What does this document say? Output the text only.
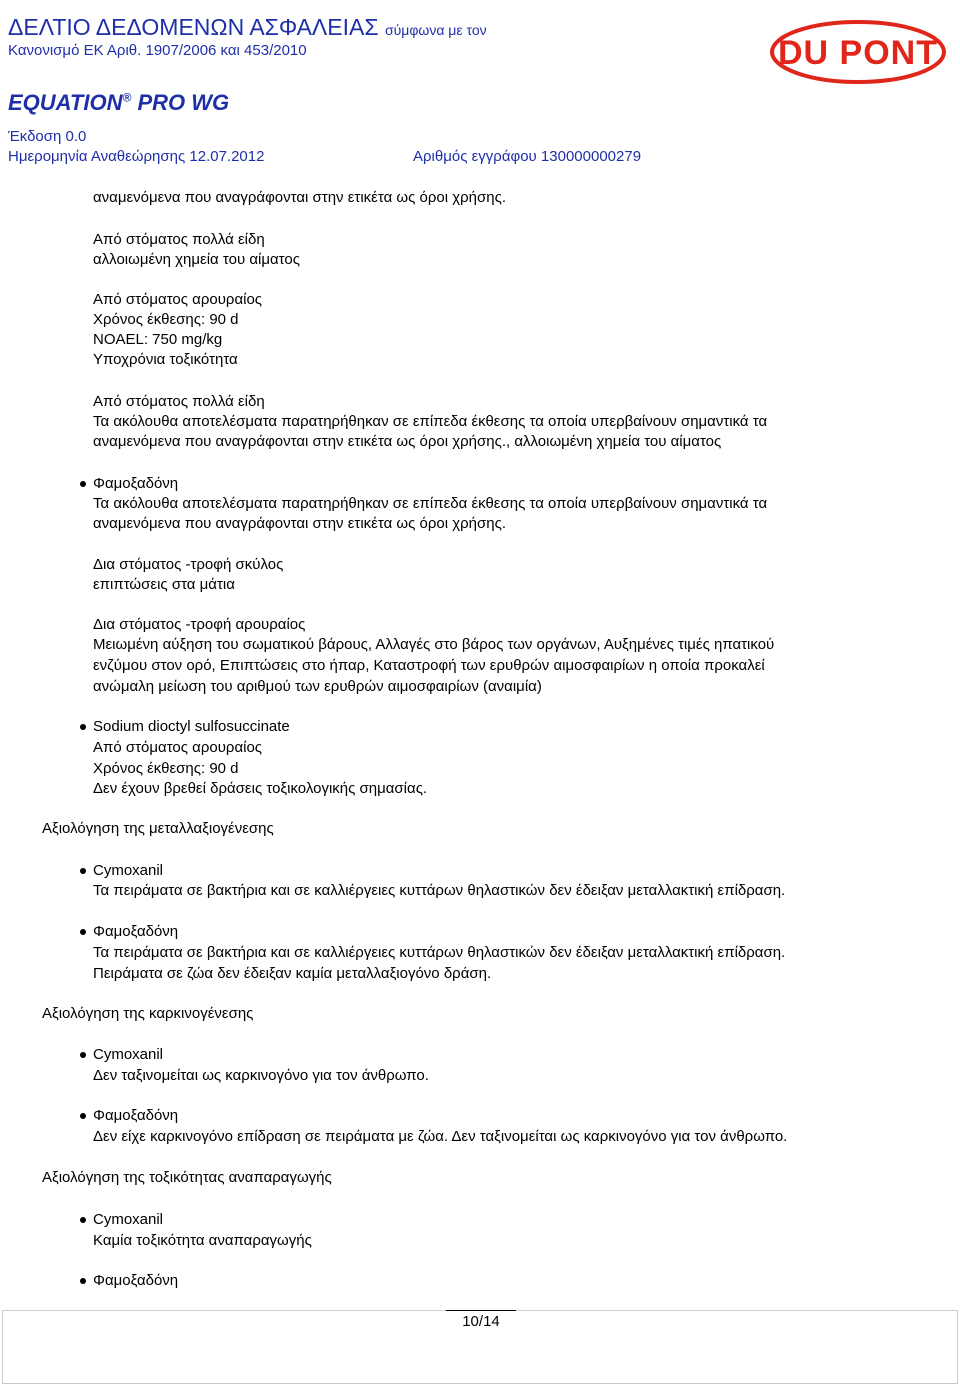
ΔΕΛΤΙΟ ΔΕΔΟΜΕΝΩΝ ΑΣΦΑΛΕΙΑΣ σύμφωνα με τον
Κανονισμό ΕΚ Αριθ. 1907/2006 και 453/2010
EQUATION® PRO WG
Έκδοση 0.0
Ημερομηνία Αναθεώρησης 12.07.2012	Αριθμός εγγράφου 130000000279
DU PONT
αναμενόμενα που αναγράφονται στην ετικέτα ως όροι χρήσης.
Από στόματος πολλά είδη
αλλοιωμένη χημεία του αίματος
Από στόματος αρουραίος
Χρόνος έκθεσης: 90 d
NOAEL: 750 mg/kg
Υποχρόνια τοξικότητα
Από στόματος πολλά είδη
Τα ακόλουθα αποτελέσματα παρατηρήθηκαν σε επίπεδα έκθεσης τα οποία υπερβαίνουν σημαντικά τα
αναμενόμενα που αναγράφονται στην ετικέτα ως όροι χρήσης., αλλοιωμένη χημεία του αίματος
Φαμοξαδόνη
Τα ακόλουθα αποτελέσματα παρατηρήθηκαν σε επίπεδα έκθεσης τα οποία υπερβαίνουν σημαντικά τα
αναμενόμενα που αναγράφονται στην ετικέτα ως όροι χρήσης.
Δια στόματος -τροφή σκύλος
επιπτώσεις στα μάτια
Δια στόματος -τροφή αρουραίος
Μειωμένη αύξηση του σωματικού βάρους, Αλλαγές στο βάρος των οργάνων, Αυξημένες τιμές ηπατικού
ενζύμου στον ορό, Επιπτώσεις στο ήπαρ, Καταστροφή των ερυθρών αιμοσφαιρίων η οποία προκαλεί
ανώμαλη μείωση του αριθμού των ερυθρών αιμοσφαιρίων (αναιμία)
Sodium dioctyl sulfosuccinate
Από στόματος αρουραίος
Χρόνος έκθεσης: 90 d
Δεν έχουν βρεθεί δράσεις τοξικολογικής σημασίας.
Αξιολόγηση της μεταλλαξιογένεσης
Cymoxanil
Τα πειράματα σε βακτήρια και σε καλλιέργειες κυττάρων θηλαστικών δεν έδειξαν μεταλλακτική επίδραση.
Φαμοξαδόνη
Τα πειράματα σε βακτήρια και σε καλλιέργειες κυττάρων θηλαστικών δεν έδειξαν μεταλλακτική επίδραση.
Πειράματα σε ζώα δεν έδειξαν καμία μεταλλαξιογόνο δράση.
Αξιολόγηση της καρκινογένεσης
Cymoxanil
Δεν ταξινομείται ως καρκινογόνο για τον άνθρωπο.
Φαμοξαδόνη
Δεν είχε καρκινογόνο επίδραση σε πειράματα με ζώα. Δεν ταξινομείται ως καρκινογόνο για τον άνθρωπο.
Αξιολόγηση της τοξικότητας αναπαραγωγής
Cymoxanil
Καμία τοξικότητα αναπαραγωγής
Φαμοξαδόνη
10/14
